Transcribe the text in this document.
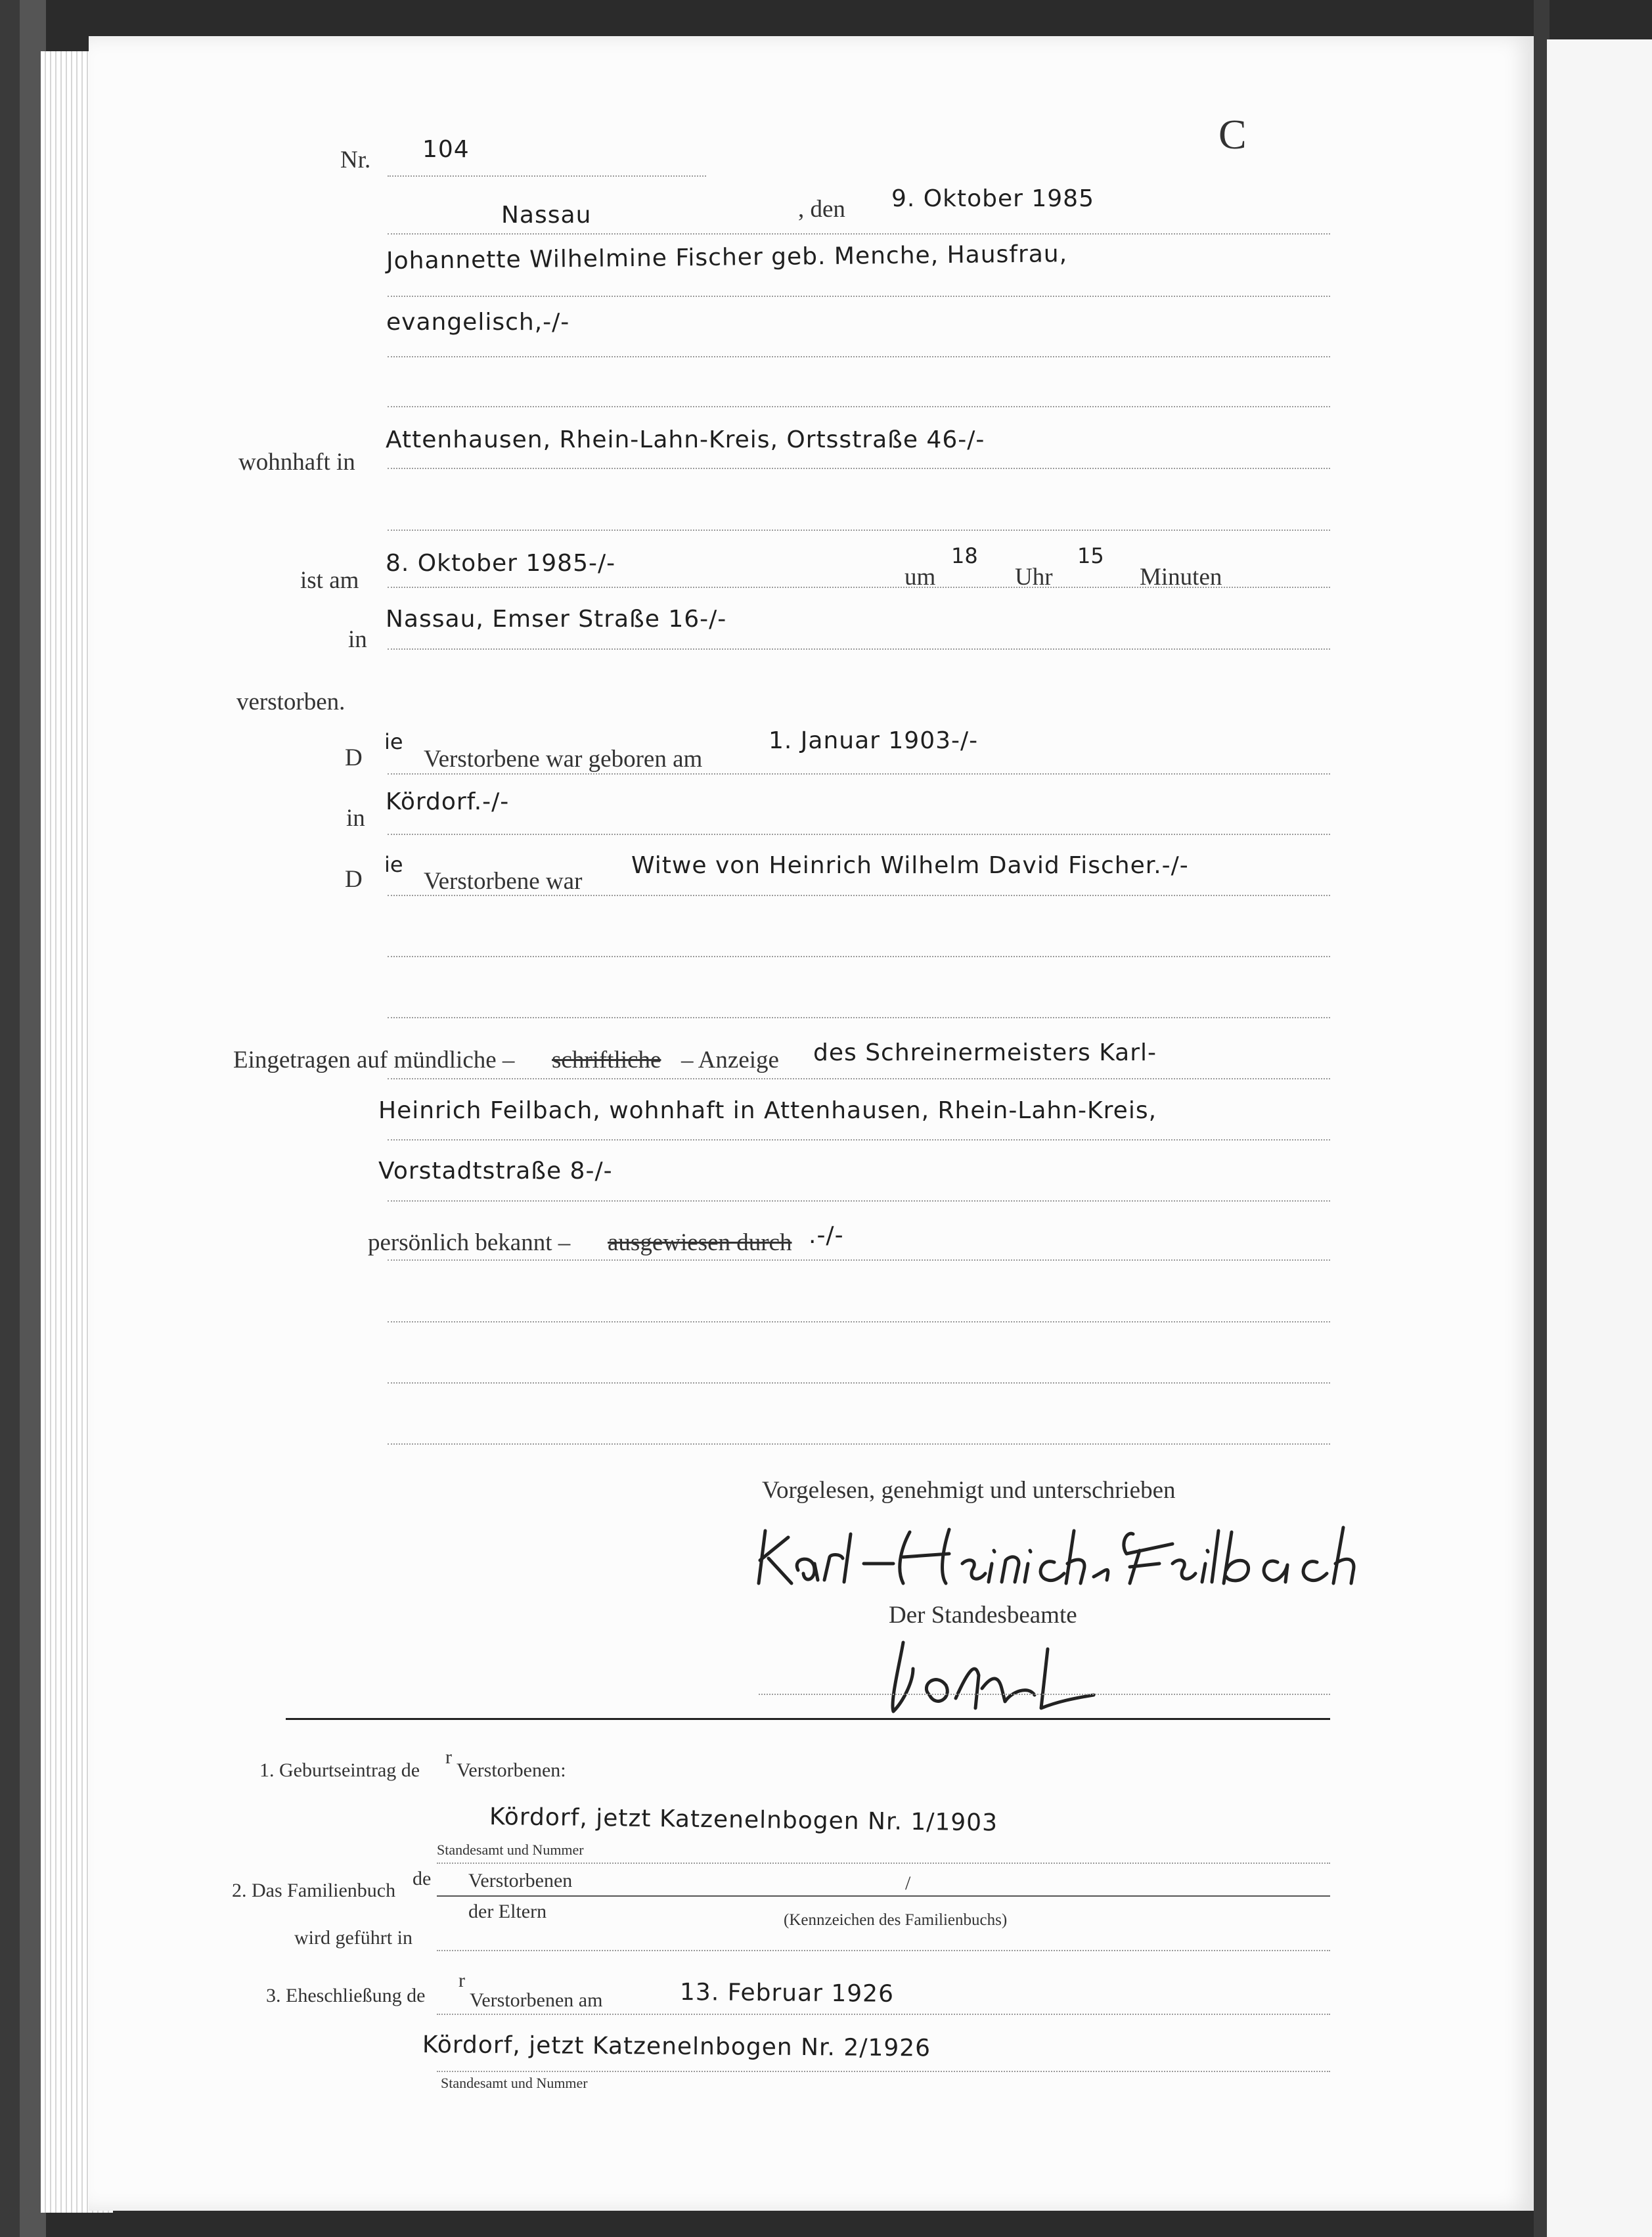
C
Nr. 104
Nassau	, den 9. Oktober 1985
Johannette Wilhelmine Fischer geb. Menche, Hausfrau,
evangelisch,-/-
wohnhaft in
Attenhausen, Rhein-Lahn-Kreis, Ortsstraße 46-/-
ist am
8. Oktober 1985-/-
um
18
Uhr
15
Minuten
in
Nassau, Emser Straße 16-/-
verstorben.
D
ie
Verstorbene war geboren am
1. Januar 1903-/-
in
Kördorf.-/-
D
ie
Verstorbene war
Witwe von Heinrich Wilhelm David Fischer.-/-
Eingetragen auf mündliche – schriftliche – Anzeige des Schreinermeisters Karl-
Heinrich Feilbach, wohnhaft in Attenhausen, Rhein-Lahn-Kreis,
Vorstadtstraße 8-/-
persönlich bekannt – ausgewiesen durch .-/-
Vorgelesen, genehmigt und unterschrieben
Der Standesbeamte
1. Geburtseintrag de
r
Verstorbenen:
Kördorf, jetzt Katzenelnbogen Nr. 1/1903
Standesamt und Nummer
2. Das Familienbuch
de Verstorbenen
der Eltern
/
(Kennzeichen des Familienbuchs)
wird geführt in
3. Eheschließung de
r
Verstorbenen am	13. Februar 1926
Kördorf, jetzt Katzenelnbogen Nr. 2/1926
Standesamt und Nummer
